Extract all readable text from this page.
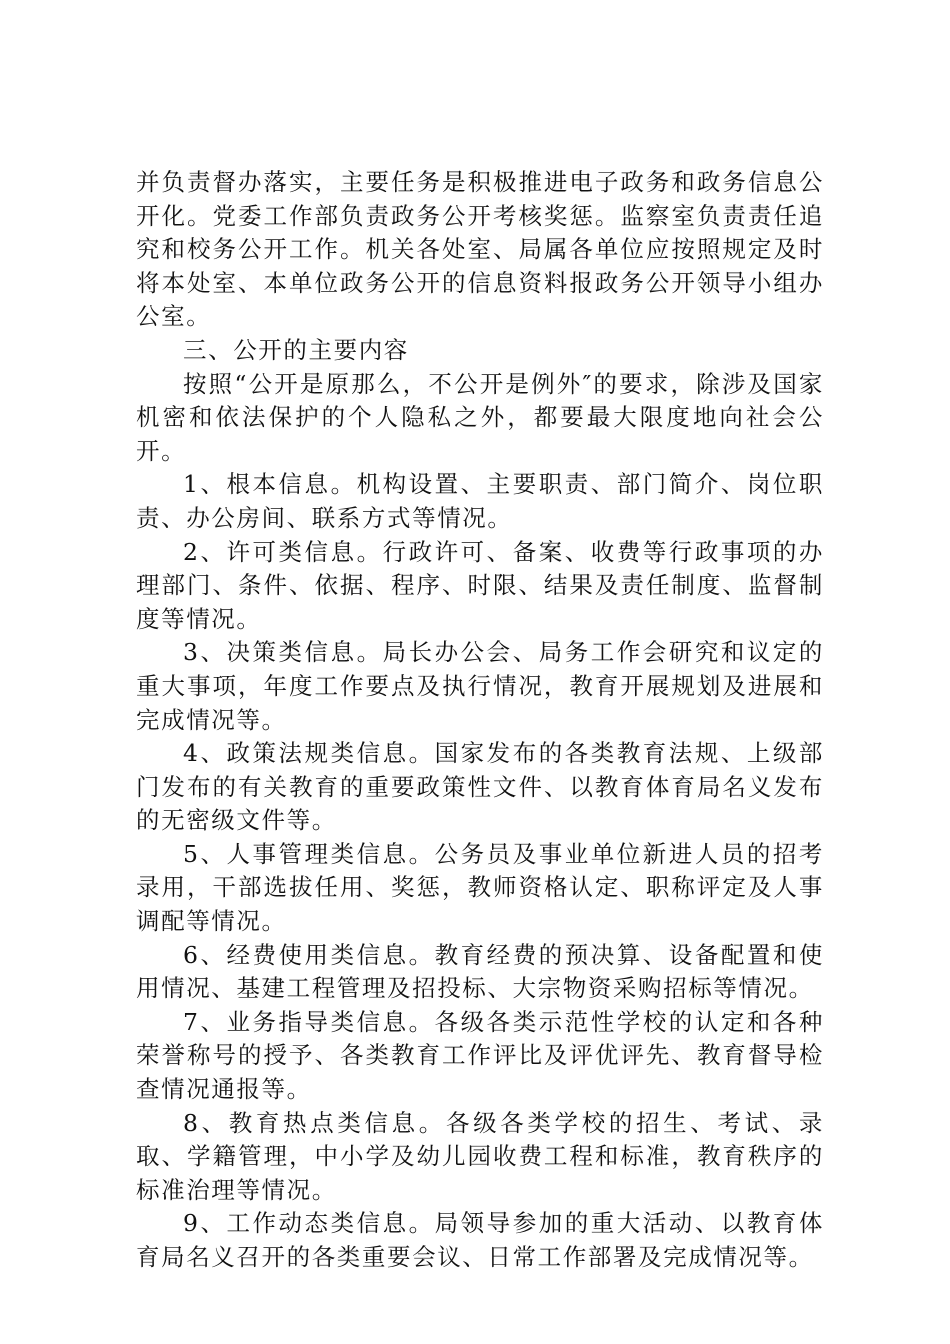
并负责督办落实，主要任务是积极推进电子政务和政务信息公开化。党委工作部负责政务公开考核奖惩。监察室负责责任追究和校务公开工作。机关各处室、局属各单位应按照规定及时将本处室、本单位政务公开的信息资料报政务公开领导小组办公室。

三、公开的主要内容

按照“公开是原那么，不公开是例外″的要求，除涉及国家机密和依法保护的个人隐私之外，都要最大限度地向社会公开。

1、根本信息。机构设置、主要职责、部门简介、岗位职责、办公房间、联系方式等情况。

2、许可类信息。行政许可、备案、收费等行政事项的办理部门、条件、依据、程序、时限、结果及责任制度、监督制度等情况。

3、决策类信息。局长办公会、局务工作会研究和议定的重大事项，年度工作要点及执行情况，教育开展规划及进展和完成情况等。

4、政策法规类信息。国家发布的各类教育法规、上级部门发布的有关教育的重要政策性文件、以教育体育局名义发布的无密级文件等。

5、人事管理类信息。公务员及事业单位新进人员的招考录用，干部选拔任用、奖惩，教师资格认定、职称评定及人事调配等情况。

6、经费使用类信息。教育经费的预决算、设备配置和使用情况、基建工程管理及招投标、大宗物资采购招标等情况。

7、业务指导类信息。各级各类示范性学校的认定和各种荣誉称号的授予、各类教育工作评比及评优评先、教育督导检查情况通报等。

8、教育热点类信息。各级各类学校的招生、考试、录取、学籍管理，中小学及幼儿园收费工程和标准，教育秩序的标准治理等情况。

9、工作动态类信息。局领导参加的重大活动、以教育体育局名义召开的各类重要会议、日常工作部署及完成情况等。
